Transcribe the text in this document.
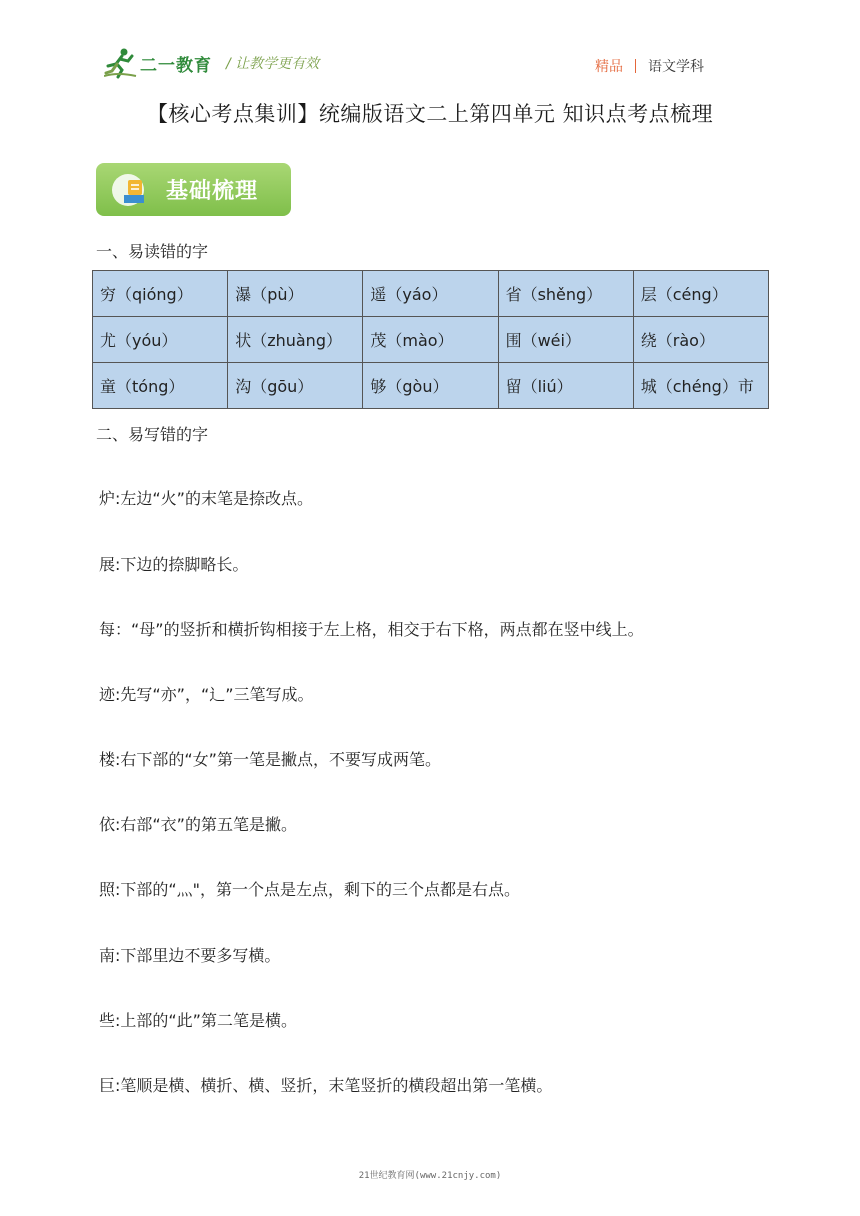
二一教育 / 让教学更有效	精品 语文学科
【核心考点集训】统编版语文二上第四单元 知识点考点梳理
基础梳理
一、易读错的字
穷（qióng）	瀑（pù）	遥（yáo）	省（shěng）	层（céng）
尤（yóu）	状（zhuàng）	茂（mào）	围（wéi）	绕（rào）
童（tóng）	沟（gōu）	够（gòu）	留（liú）	城（chéng）市
二、易写错的字
炉:左边“火”的末笔是捺改点。
展:下边的捺脚略长。
每：“母”的竖折和横折钩相接于左上格，相交于右下格，两点都在竖中线上。
迹:先写“亦”，“辶”三笔写成。
楼:右下部的“女”第一笔是撇点，不要写成两笔。
依:右部“衣”的第五笔是撇。
照:下部的“灬"，第一个点是左点，剩下的三个点都是右点。
南:下部里边不要多写横。
些:上部的“此”第二笔是横。
巨:笔顺是横、横折、横、竖折，末笔竖折的横段超出第一笔横。
21世纪教育网(www.21cnjy.com)
